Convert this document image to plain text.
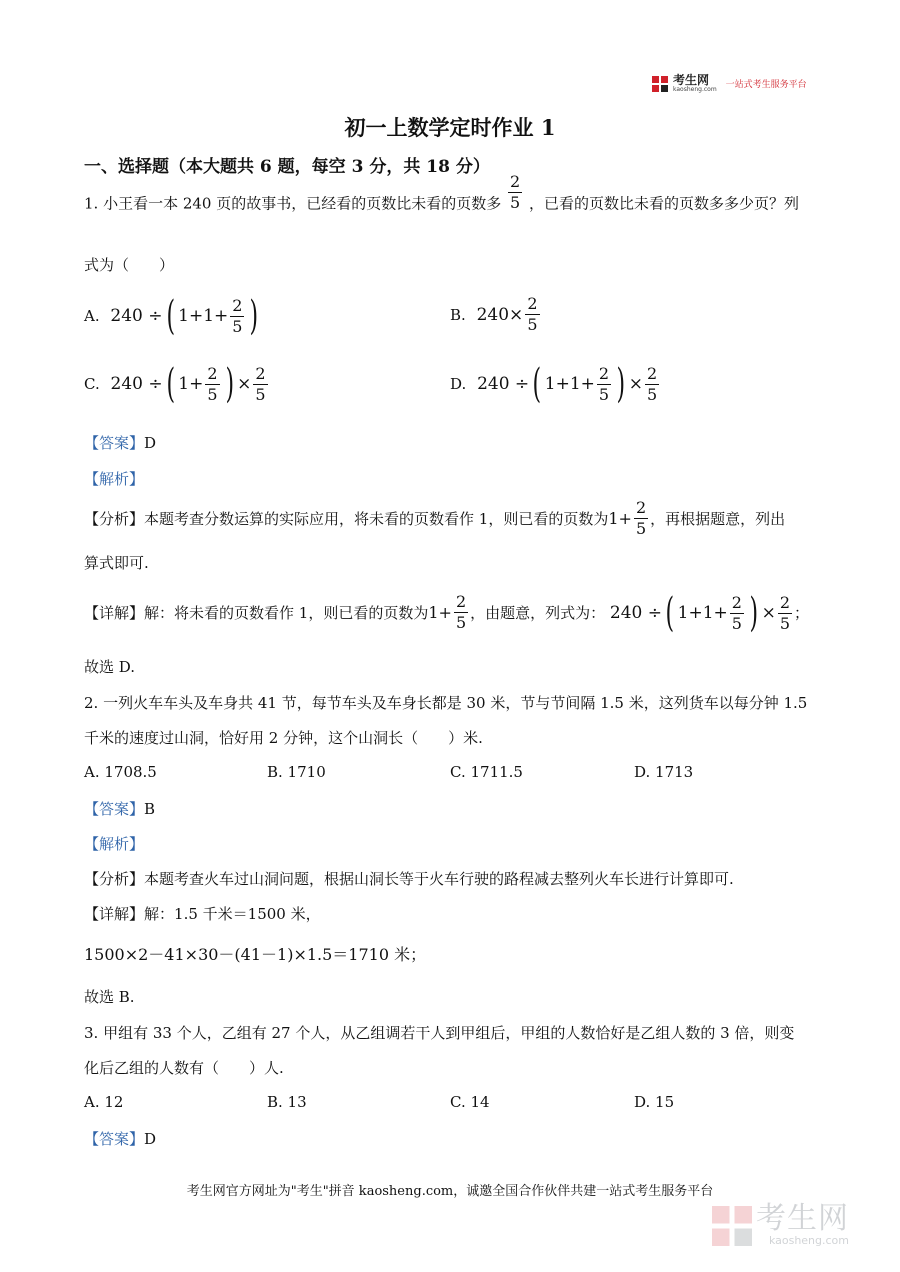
考生网
kaosheng.com 一站式考生服务平台
初一上数学定时作业 1
一、选择题（本大题共 6 题，每空 3 分，共 18 分）
1. 小王看一本 240 页的故事书，已经看的页数比未看的页数多 $\frac{2}{5}$ ，已看的页数比未看的页数多多少页？列
式为（　　）
A.
240 ÷ ( $1+1+ \frac{2}{5}$ )	B.
$240\times \frac{2}{5}$
C.
240 ÷ ( $1+ \frac{2}{5}$ ) × $\frac{2}{5}$	D.
240 ÷ ( $1+1+ \frac{2}{5}$ ) × $\frac{2}{5}$
【答案】D
【解析】
【分析】本题考查分数运算的实际应用，将未看的页数看作 1，则已看的页数为 $1+ \frac{2}{5}$ ，再根据题意，列出
算式即可.
【详解】解：将未看的页数看作 1，则已看的页数为 $1+ \frac{2}{5}$ ，由题意，列式为： 240 ÷ ( $1+1+ \frac{2}{5}$ ) × $\frac{2}{5}$ ；
故选 D.
2. 一列火车车头及车身共 41 节，每节车头及车身长都是 30 米，节与节间隔 1.5 米，这列货车以每分钟 1.5
千米的速度过山洞，恰好用 2 分钟，这个山洞长（　　）米.
A. 1708.5	B. 1710	C. 1711.5	D. 1713
【答案】B
【解析】
【分析】本题考查火车过山洞问题，根据山洞长等于火车行驶的路程减去整列火车长进行计算即可.
【详解】解：1.5 千米＝1500 米，
1500×2－41×30－(41－1)×1.5＝1710 米；
故选 B.
3. 甲组有 33 个人，乙组有 27 个人，从乙组调若干人到甲组后，甲组的人数恰好是乙组人数的 3 倍，则变
化后乙组的人数有（　　）人.
A. 12	B. 13	C. 14	D. 15
【答案】D
考生网官方网址为"考生"拼音 kaosheng.com，诚邀全国合作伙伴共建一站式考生服务平台
考生网
kaosheng.com
